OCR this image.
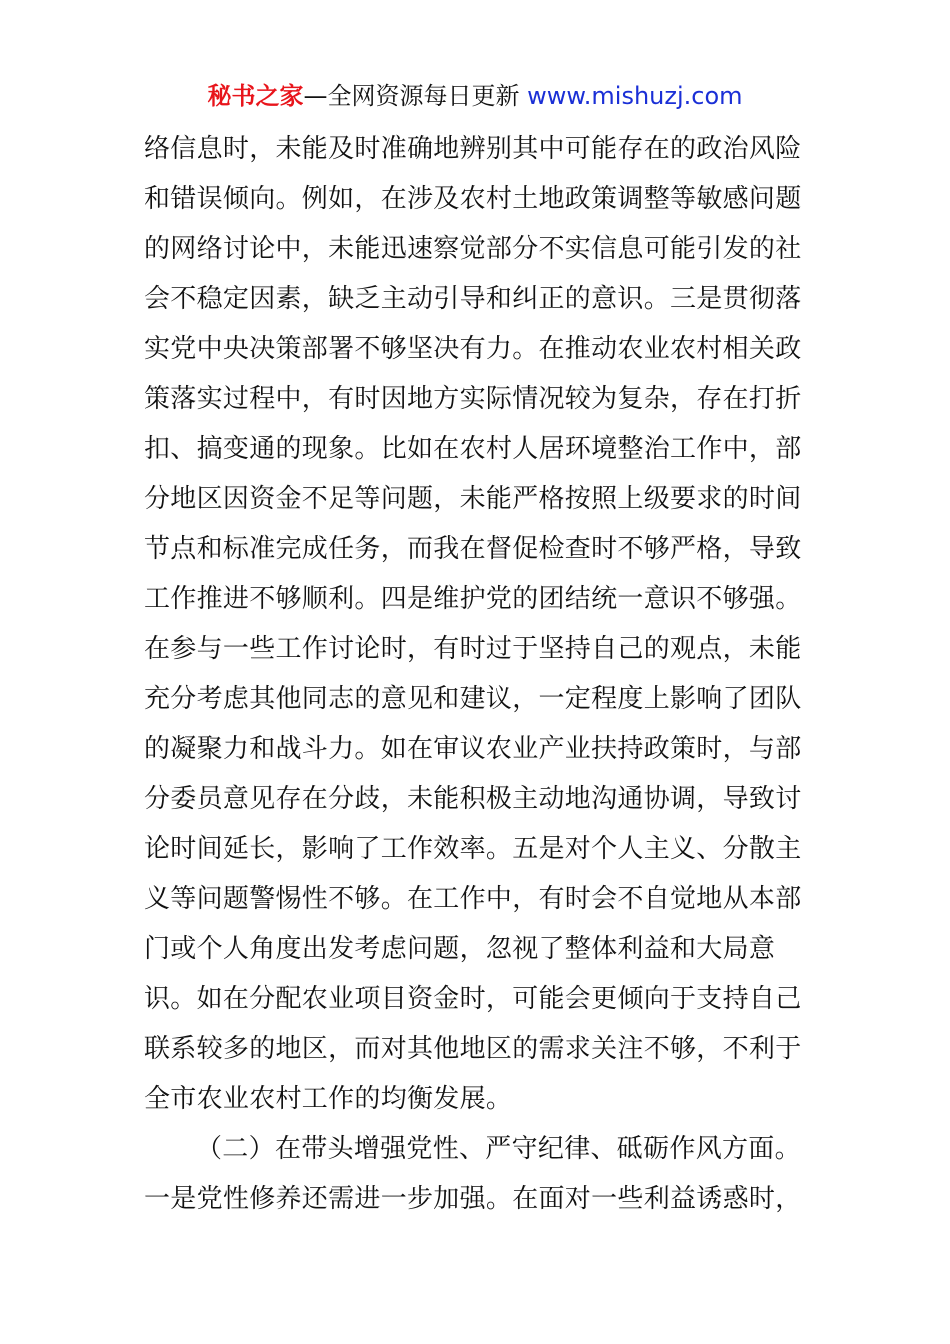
秘书之家—全网资源每日更新 www.mishuzj.com
络信息时，未能及时准确地辨别其中可能存在的政治风险
和错误倾向。例如，在涉及农村土地政策调整等敏感问题
的网络讨论中，未能迅速察觉部分不实信息可能引发的社
会不稳定因素，缺乏主动引导和纠正的意识。三是贯彻落
实党中央决策部署不够坚决有力。在推动农业农村相关政
策落实过程中，有时因地方实际情况较为复杂，存在打折
扣、搞变通的现象。比如在农村人居环境整治工作中，部
分地区因资金不足等问题，未能严格按照上级要求的时间
节点和标准完成任务，而我在督促检查时不够严格，导致
工作推进不够顺利。四是维护党的团结统一意识不够强。
在参与一些工作讨论时，有时过于坚持自己的观点，未能
充分考虑其他同志的意见和建议，一定程度上影响了团队
的凝聚力和战斗力。如在审议农业产业扶持政策时，与部
分委员意见存在分歧，未能积极主动地沟通协调，导致讨
论时间延长，影响了工作效率。五是对个人主义、分散主
义等问题警惕性不够。在工作中，有时会不自觉地从本部
门或个人角度出发考虑问题，忽视了整体利益和大局意
识。如在分配农业项目资金时，可能会更倾向于支持自己
联系较多的地区，而对其他地区的需求关注不够，不利于
全市农业农村工作的均衡发展。
（二）在带头增强党性、严守纪律、砥砺作风方面。
一是党性修养还需进一步加强。在面对一些利益诱惑时，
